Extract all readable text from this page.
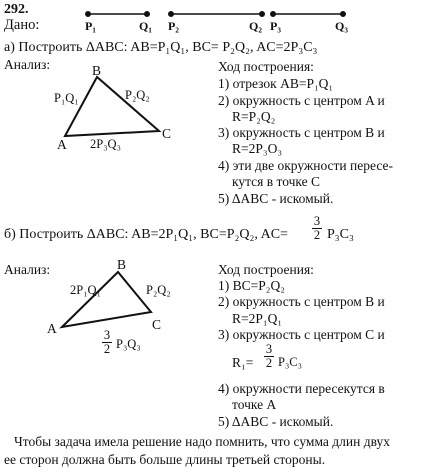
292.
Дано:	P₁	Q₁ P₂	Q₂ P₃	Q₃
а) Построить ΔABC: AB=P₁Q₁, BC= P₂Q₂, AC=2P₃C₃
Анализ:	B
P₁Q₁	P₂Q₂
A
C
2P₃Q₃
Ход построения:
1) отрезок AB=P₁Q₁
2) окружность с центром A и
R=P₂Q₂
3) окружность с центром B и
R=2P₃O₃
4) эти две окружности пересе-
кутся в точке C
5) ΔABC - искомый.
б) Построить ΔABC: AB=2P₁Q₁, BC=P₂Q₂, AC=
3
2 P₃C₃
Анализ:	B
2P₁Q₁	P₂Q₂
A	C
3
2 P₃Q₃
Ход построения:
1) BC=P₂Q₂
2) окружность с центром B и
R=2P₁Q₁
3) окружность с центром C и
R₁=
3
2 P₃C₃
4) окружности пересекутся в
точке A
5) ΔABC - искомый.
Чтобы задача имела решение надо помнить, что сумма длин двух
ее сторон должна быть больше длины третьей стороны.
